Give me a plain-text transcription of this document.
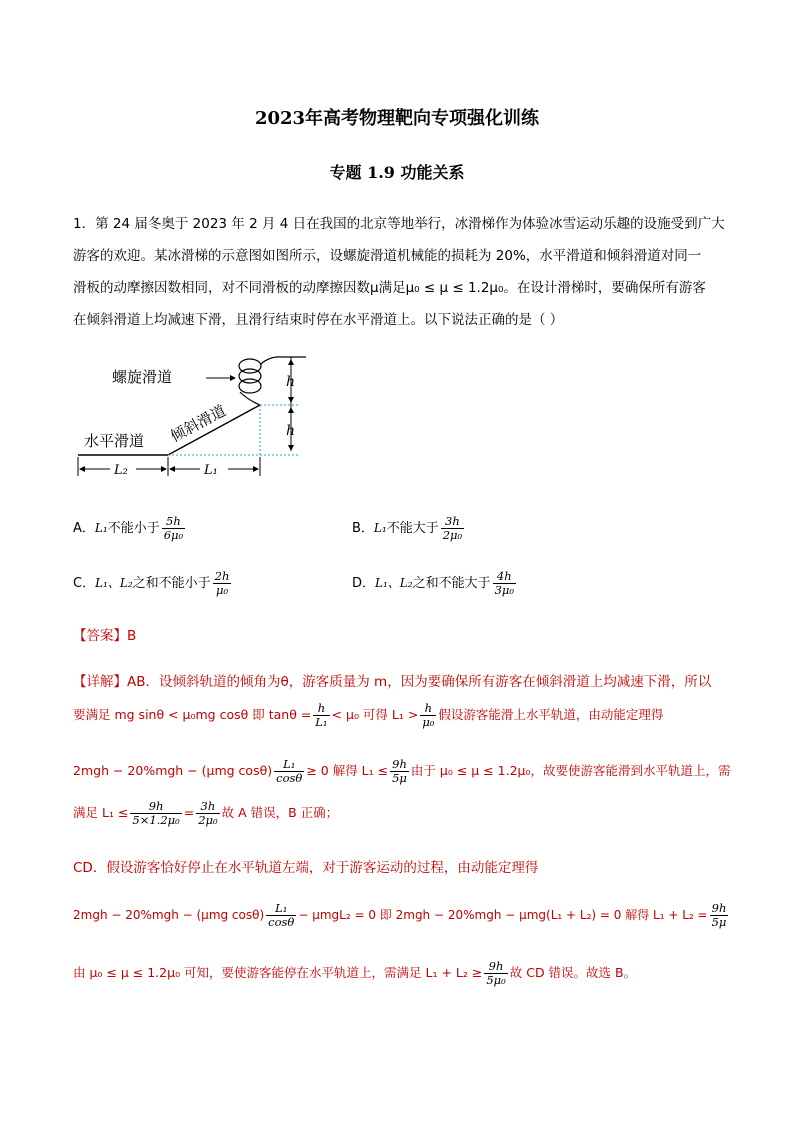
2023年高考物理靶向专项强化训练
专题 1.9 功能关系
1．第 24 届冬奥于 2023 年 2 月 4 日在我国的北京等地举行，冰滑梯作为体验冰雪运动乐趣的设施受到广大
游客的欢迎。某冰滑梯的示意图如图所示，设螺旋滑道机械能的损耗为 20%，水平滑道和倾斜滑道对同一
滑板的动摩擦因数相同，对不同滑板的动摩擦因数μ满足μ₀ ≤ μ ≤ 1.2μ₀。在设计滑梯时，要确保所有游客
在倾斜滑道上均减速下滑，且滑行结束时停在水平滑道上。以下说法正确的是（ ）
螺旋滑道
倾斜滑道
水平滑道
h
h
L₂	L₁
A．L₁不能小于 $\frac{5h}{\text{6μ₀}}$	B．L₁不能大于 $\frac{3h}{\text{2μ₀}}$
C．L₁、L₂之和不能小于 $\frac{2h}{\text{μ₀}}$	D．L₁、L₂之和不能大于 $\frac{4h}{\text{3μ₀}}$
【答案】B
【详解】AB．设倾斜轨道的倾角为θ，游客质量为 m，因为要确保所有游客在倾斜滑道上均减速下滑，所以
要满足 mg sinθ < μ₀mg cosθ 即 $\tan\theta = \frac{h}{\text{L₁}} < \mu_0$ 可得 $L_1 > \frac{h}{\text{μ₀}}$ 假设游客能滑上水平轨道，由动能定理得
2mgh − 20%mgh − (μmg $\cos\theta) \frac{\text{L₁}}{\cos\theta} \ge 0$ 解得 $L_1 \le \frac{9h}{5\mu}$ 由于 μ₀ ≤ μ ≤ 1.2μ₀，故要使游客能滑到水平轨道上，需
满足 $L_1 \le \frac{9h}{\text{5×1.2μ₀}} = \frac{3h}{\text{2μ₀}}$ 故 A 错误，B 正确；
CD．假设游客恰好停止在水平轨道左端，对于游客运动的过程，由动能定理得
2mgh − 20%mgh − (μmg $\cos\theta) \frac{\text{L₁}}{\cos\theta} - \mu mgL_2 = 0$ 即 2mgh − 20%mgh − μmg(L₁ + L₂) = 0 解得 $L_1 + L_2 = \frac{9h}{5\mu}$
由 μ₀ ≤ μ ≤ 1.2μ₀ 可知，要使游客能停在水平轨道上，需满足 $L_1 + L_2 \ge \frac{9h}{\text{5μ₀}}$ 故 CD 错误。故选 B。
